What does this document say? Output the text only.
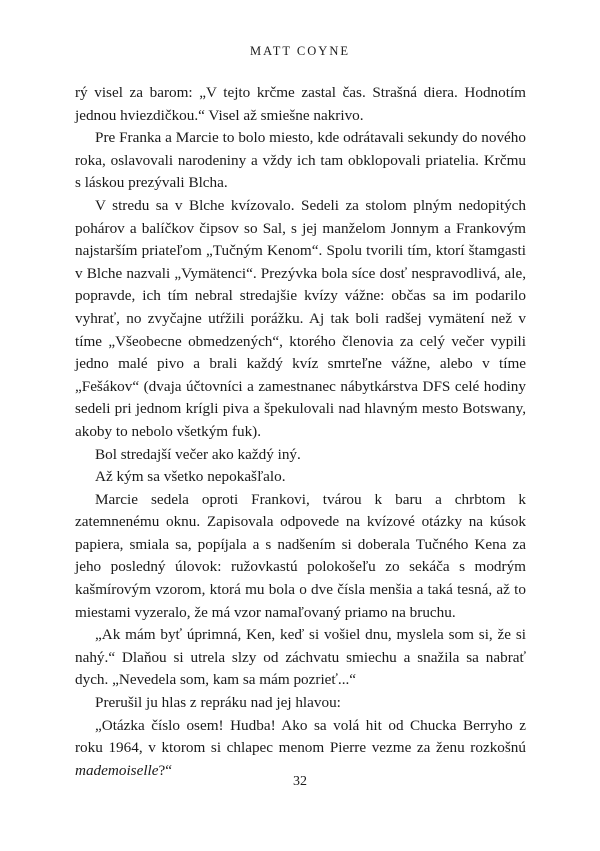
MATT COYNE

rý visel za barom: „V tejto krčme zastal čas. Strašná diera. Hodnotím jednou hviezdičkou.“ Visel až smiešne nakrivo.

Pre Franka a Marcie to bolo miesto, kde odrátavali sekundy do nového roka, oslavovali narodeniny a vždy ich tam obklopovali priatelia. Krčmu s láskou prezývali Blcha.

V stredu sa v Blche kvízovalo. Sedeli za stolom plným nedopitých pohárov a balíčkov čipsov so Sal, s jej manželom Jonnym a Frankovým najstarším priateľom „Tučným Kenom“. Spolu tvorili tím, ktorí štamgasti v Blche nazvali „Vymätenci“. Prezývka bola síce dosť nespravodlivá, ale, popravde, ich tím nebral stredajšie kvízy vážne: občas sa im podarilo vyhrať, no zvyčajne utŕžili porážku. Aj tak boli radšej vymätení než v tíme „Všeobecne obmedzených“, ktorého členovia za celý večer vypili jedno malé pivo a brali každý kvíz smrteľne vážne, alebo v tíme „Fešákov“ (dvaja účtovníci a zamestnanec nábytkárstva DFS celé hodiny sedeli pri jednom krígli piva a špekulovali nad hlavným mesto Botswany, akoby to nebolo všetkým fuk).

Bol stredajší večer ako každý iný.

Až kým sa všetko nepokašľalo.

Marcie sedela oproti Frankovi, tvárou k baru a chrbtom k zatemnenému oknu. Zapisovala odpovede na kvízové otázky na kúsok papiera, smiala sa, popíjala a s nadšením si doberala Tučného Kena za jeho posledný úlovok: ružovkastú polokošeľu zo sekáča s modrým kašmírovým vzorom, ktorá mu bola o dve čísla menšia a taká tesná, až to miestami vyzeralo, že má vzor namaľovaný priamo na bruchu.

„Ak mám byť úprimná, Ken, keď si vošiel dnu, myslela som si, že si nahý.“ Dlaňou si utrela slzy od záchvatu smiechu a snažila sa nabrať dych. „Nevedela som, kam sa mám pozrieť...“

Prerušil ju hlas z repráku nad jej hlavou:

„Otázka číslo osem! Hudba! Ako sa volá hit od Chucka Berryho z roku 1964, v ktorom si chlapec menom Pierre vezme za ženu rozkošnú mademoiselle?“

32
